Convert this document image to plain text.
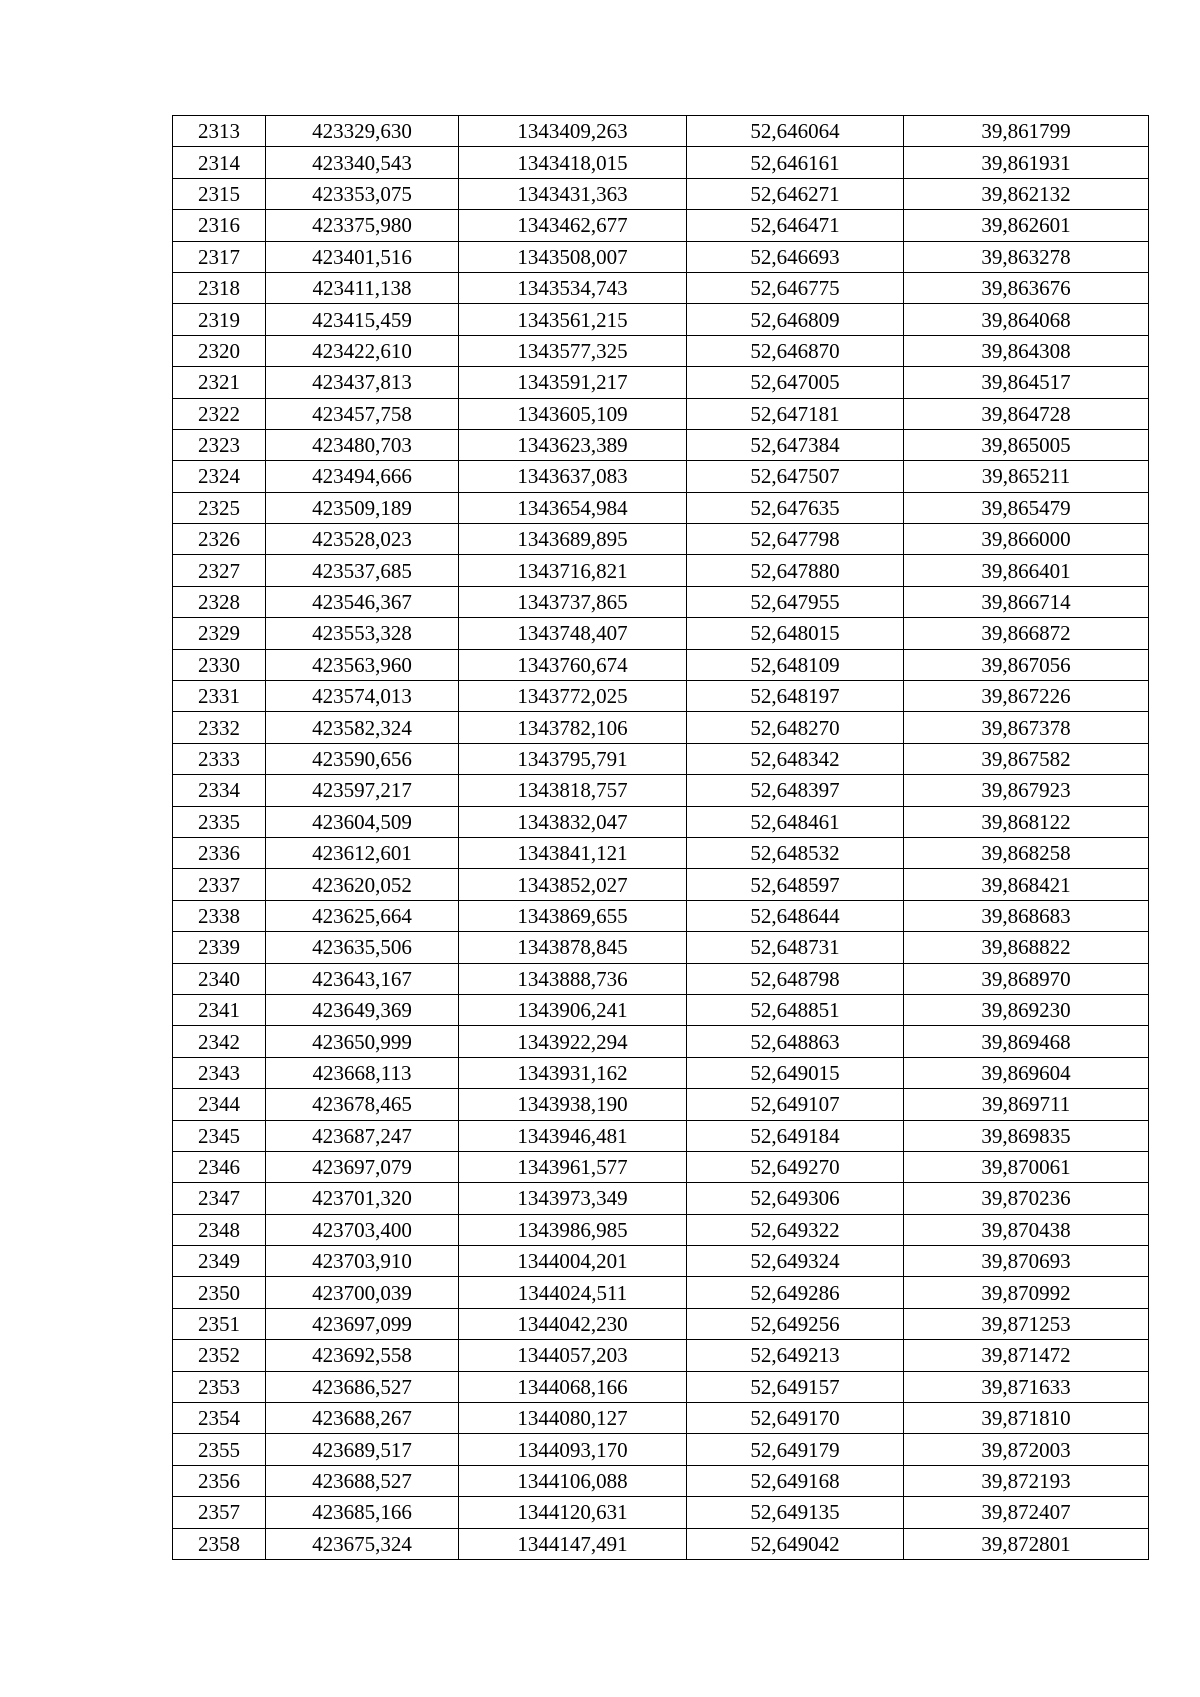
2313	423329,630	1343409,263	52,646064	39,861799
2314	423340,543	1343418,015	52,646161	39,861931
2315	423353,075	1343431,363	52,646271	39,862132
2316	423375,980	1343462,677	52,646471	39,862601
2317	423401,516	1343508,007	52,646693	39,863278
2318	423411,138	1343534,743	52,646775	39,863676
2319	423415,459	1343561,215	52,646809	39,864068
2320	423422,610	1343577,325	52,646870	39,864308
2321	423437,813	1343591,217	52,647005	39,864517
2322	423457,758	1343605,109	52,647181	39,864728
2323	423480,703	1343623,389	52,647384	39,865005
2324	423494,666	1343637,083	52,647507	39,865211
2325	423509,189	1343654,984	52,647635	39,865479
2326	423528,023	1343689,895	52,647798	39,866000
2327	423537,685	1343716,821	52,647880	39,866401
2328	423546,367	1343737,865	52,647955	39,866714
2329	423553,328	1343748,407	52,648015	39,866872
2330	423563,960	1343760,674	52,648109	39,867056
2331	423574,013	1343772,025	52,648197	39,867226
2332	423582,324	1343782,106	52,648270	39,867378
2333	423590,656	1343795,791	52,648342	39,867582
2334	423597,217	1343818,757	52,648397	39,867923
2335	423604,509	1343832,047	52,648461	39,868122
2336	423612,601	1343841,121	52,648532	39,868258
2337	423620,052	1343852,027	52,648597	39,868421
2338	423625,664	1343869,655	52,648644	39,868683
2339	423635,506	1343878,845	52,648731	39,868822
2340	423643,167	1343888,736	52,648798	39,868970
2341	423649,369	1343906,241	52,648851	39,869230
2342	423650,999	1343922,294	52,648863	39,869468
2343	423668,113	1343931,162	52,649015	39,869604
2344	423678,465	1343938,190	52,649107	39,869711
2345	423687,247	1343946,481	52,649184	39,869835
2346	423697,079	1343961,577	52,649270	39,870061
2347	423701,320	1343973,349	52,649306	39,870236
2348	423703,400	1343986,985	52,649322	39,870438
2349	423703,910	1344004,201	52,649324	39,870693
2350	423700,039	1344024,511	52,649286	39,870992
2351	423697,099	1344042,230	52,649256	39,871253
2352	423692,558	1344057,203	52,649213	39,871472
2353	423686,527	1344068,166	52,649157	39,871633
2354	423688,267	1344080,127	52,649170	39,871810
2355	423689,517	1344093,170	52,649179	39,872003
2356	423688,527	1344106,088	52,649168	39,872193
2357	423685,166	1344120,631	52,649135	39,872407
2358	423675,324	1344147,491	52,649042	39,872801
